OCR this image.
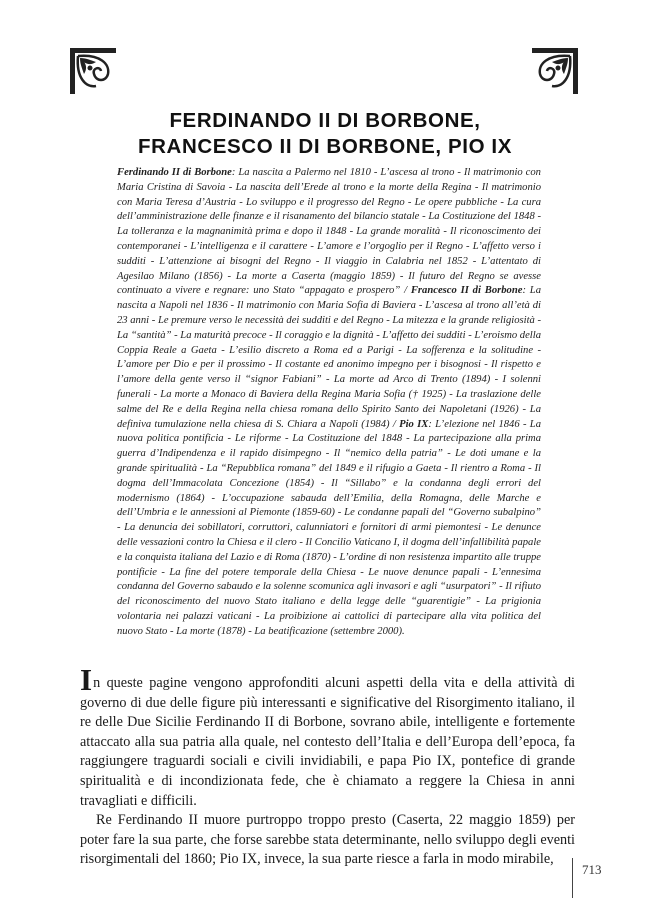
FERDINANDO II DI BORBONE,
FRANCESCO II DI BORBONE, PIO IX
Ferdinando II di Borbone: La nascita a Palermo nel 1810 - L’ascesa al trono - Il matrimonio con Maria Cristina di Savoia - La nascita dell’Erede al trono e la morte della Regina - Il matrimonio con Maria Teresa d’Austria - Lo sviluppo e il progresso del Regno - Le opere pubbliche - La cura dell’amministrazione delle finanze e il risanamento del bilancio statale - La Costituzione del 1848 - La tolleranza e la magnanimità prima e dopo il 1848 - La grande moralità - Il riconoscimento dei contemporanei - L’intelligenza e il carattere - L’amore e l’orgoglio per il Regno - L’affetto verso i sudditi - L’attenzione ai bisogni del Regno - Il viaggio in Calabria nel 1852 - L’attentato di Agesilao Milano (1856) - La morte a Caserta (maggio 1859) - Il futuro del Regno se avesse continuato a vivere e regnare: uno Stato “appagato e prospero” / Francesco II di Borbone: La nascita a Napoli nel 1836 - Il matrimonio con Maria Sofia di Baviera - L’ascesa al trono all’età di 23 anni - Le premure verso le necessità dei sudditi e del Regno - La mitezza e la grande religiosità - La “santità” - La maturità precoce - Il coraggio e la dignità - L’affetto dei sudditi - L’eroismo della Coppia Reale a Gaeta - L’esilio discreto a Roma ed a Parigi - La sofferenza e la solitudine - L’amore per Dio e per il prossimo - Il costante ed anonimo impegno per i bisognosi - Il rispetto e l’amore della gente verso il “signor Fabiani” - La morte ad Arco di Trento (1894) - I solenni funerali - La morte a Monaco di Baviera della Regina Maria Sofia († 1925) - La traslazione delle salme del Re e della Regina nella chiesa romana dello Spirito Santo dei Napoletani (1926) - La definiva tumulazione nella chiesa di S. Chiara a Napoli (1984) / Pio IX: L’elezione nel 1846 - La nuova politica pontificia - Le riforme - La Costituzione del 1848 - La partecipazione alla prima guerra d’Indipendenza e il rapido disimpegno - Il “nemico della patria” - Le doti umane e la grande spiritualità - La “Repubblica romana” del 1849 e il rifugio a Gaeta - Il rientro a Roma - Il dogma dell’Immacolata Concezione (1854) - Il “Sillabo” e la condanna degli errori del modernismo (1864) - L’occupazione sabauda dell’Emilia, della Romagna, delle Marche e dell’Umbria e le annessioni al Piemonte (1859-60) - Le condanne papali del “Governo subalpino” - La denuncia dei sobillatori, corruttori, calunniatori e fornitori di armi piemontesi - Le denunce delle vessazioni contro la Chiesa e il clero - Il Concilio Vaticano I, il dogma dell’infallibilità papale e la conquista italiana del Lazio e di Roma (1870) - L’ordine di non resistenza impartito alle truppe pontificie - La fine del potere temporale della Chiesa - Le nuove denunce papali - L’ennesima condanna del Governo sabaudo e la solenne scomunica agli invasori e agli “usurpatori” - Il rifiuto del riconoscimento del nuovo Stato italiano e della legge delle “guarentigie” - La prigionia volontaria nei palazzi vaticani - La proibizione ai cattolici di partecipare alla vita politica del nuovo Stato - La morte (1878) - La beatificazione (settembre 2000).

In queste pagine vengono approfonditi alcuni aspetti della vita e della attività di governo di due delle figure più interessanti e significative del Risorgimento italiano, il re delle Due Sicilie Ferdinando II di Borbone, sovrano abile, intelligente e fortemente attaccato alla sua patria alla quale, nel contesto dell’Italia e dell’Europa dell’epoca, fa raggiungere traguardi sociali e civili invidiabili, e papa Pio IX, pontefice di grande spiritualità e di incondizionata fede, che è chiamato a reggere la Chiesa in anni travagliati e difficili.

Re Ferdinando II muore purtroppo troppo presto (Caserta, 22 maggio 1859) per poter fare la sua parte, che forse sarebbe stata determinante, nello sviluppo degli eventi risorgimentali del 1860; Pio IX, invece, la sua parte riesce a farla in modo mirabile,

713
